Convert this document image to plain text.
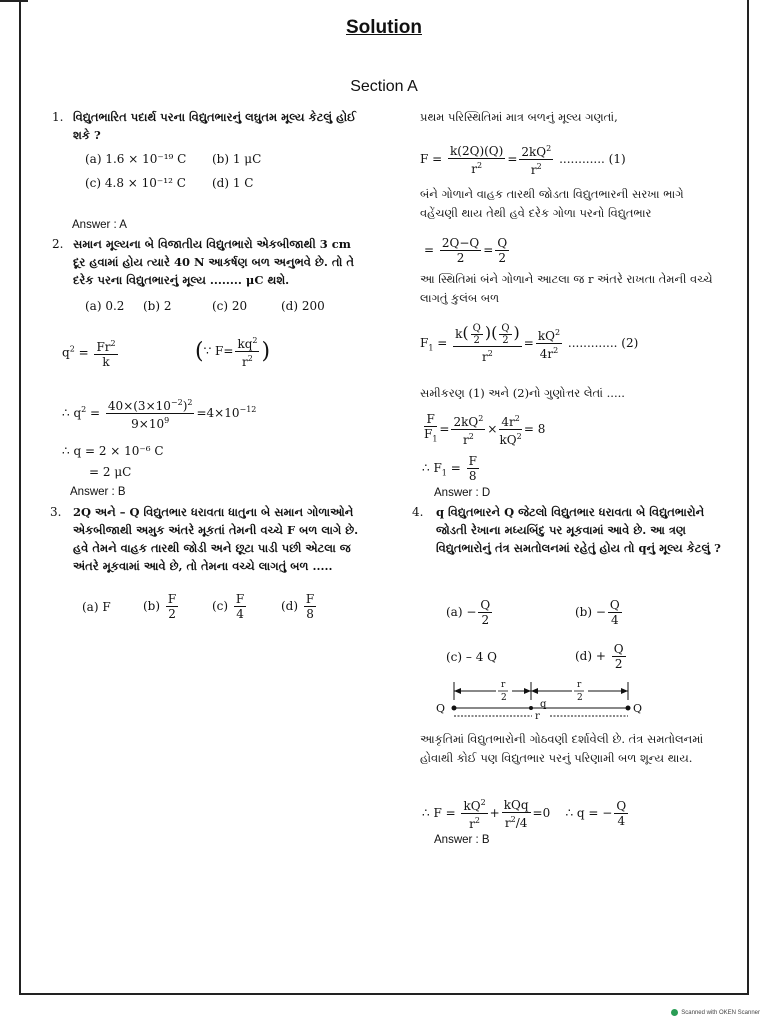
Solution
Section A
1. વિદ્યુતભારિત પદાર્થ પરના વિદ્યુતભારનું લઘુતમ મૂલ્ય કેટલું હોઈ શકે ?
(a) 1.6 × 10⁻¹⁹ C (b) 1 μC
(c) 4.8 × 10⁻¹² C (d) 1 C
Answer : A
2. સમાન મૂલ્યના બે વિજાતીય વિદ્યુતભારો એકબીજાથી 3 cm દૂર હવામાં હોય ત્યારે 40 N આકર્ષણ બળ અનુભવે છે. તો તે દરેક પરના વિદ્યુતભારનું મૂલ્ય ........ μC થશે.
(a) 0.2 (b) 2	(c) 20	(d) 200
$q^2 = \frac{Fr^2}{k}$	(∵ $F= \frac{kq^2}{r^2}$ )
∴ $q^2 = \frac{40\times(3\times 10^{-2})^2}{9\times 10^9} =4\times 10^{-12}$
∴ q = 2 × 10⁻⁶ C
= 2 μC
Answer : B
3. 2Q અને – Q વિદ્યુતભાર ધરાવતા ધાતુના બે સમાન ગોળાઓને એકબીજાથી અમુક અંતરે મૂકતાં તેમની વચ્ચે F બળ લાગે છે. હવે તેમને વાહક તારથી જોડી અને છૂટા પાડી પછી એટલા જ અંતરે મૂકવામાં આવે છે, તો તેમના વચ્ચે લાગતું બળ .....
(a) F	$(b) \frac{F}{2}$	$(c) \frac{F}{4}$	$(d) \frac{F}{8}$
પ્રથમ પરિસ્થિતિમાં માત્ર બળનું મૂલ્ય ગણતાં,
$F = \frac{k(2Q)(Q)}{r^2} = \frac{2kQ^2}{r^2}$ ............ (1)
બંને ગોળાને વાહક તારથી જોડતા વિદ્યુતભારની સરખા ભાગે વહેંચણી થાય તેથી હવે દરેક ગોળા પરનો વિદ્યુતભાર
= $\frac{2Q-Q}{2} = \frac{Q}{2}$
આ સ્થિતિમાં બંને ગોળાને આટલા જ r અંતરે રાખતા તેમની વચ્ચે લાગતું કુલંબ બળ
$F_1 = \frac{k( \frac{Q}{2} )( \frac{Q}{2} )}{r^2} = \frac{kQ^2}{4r^2}$ ............. (2)
સમીકરણ (1) અને (2)નો ગુણોત્તર લેતાં .....
$\frac{F}{F_1} = \frac{2kQ^2}{r^2} \times \frac{4r^2}{kQ^2} = 8$
∴ $F_1 = \frac{F}{8}$
Answer : D
4. q વિદ્યુતભારને Q જેટલો વિદ્યુતભાર ધરાવતા બે વિદ્યુતભારોને જોડતી રેખાના મધ્યબિંદુ પર મૂકવામાં આવે છે. આ ત્રણ વિદ્યુતભારોનું તંત્ર સમતોલનમાં રહેતું હોય તો qનું મૂલ્ય કેટલું ?
$(a) - \frac{Q}{2}$	$(b) - \frac{Q}{4}$
(c) – 4 Q	$(d) + \frac{Q}{2}$
r
2
r
2
r
q
Q	Q
આકૃતિમાં વિદ્યુતભારોની ગોઠવણી દર્શાવેલી છે. તંત્ર સમતોલનમાં હોવાથી કોઈ પણ વિદ્યુતભાર પરનું પરિણામી બળ શૂન્ય થાય.
∴ $F = \frac{kQ^2}{r^2} + \frac{\text{kQq}}{r^2/4} =0$    ∴ q = − $\frac{Q}{4}$
Answer : B
Scanned with OKEN Scanner
